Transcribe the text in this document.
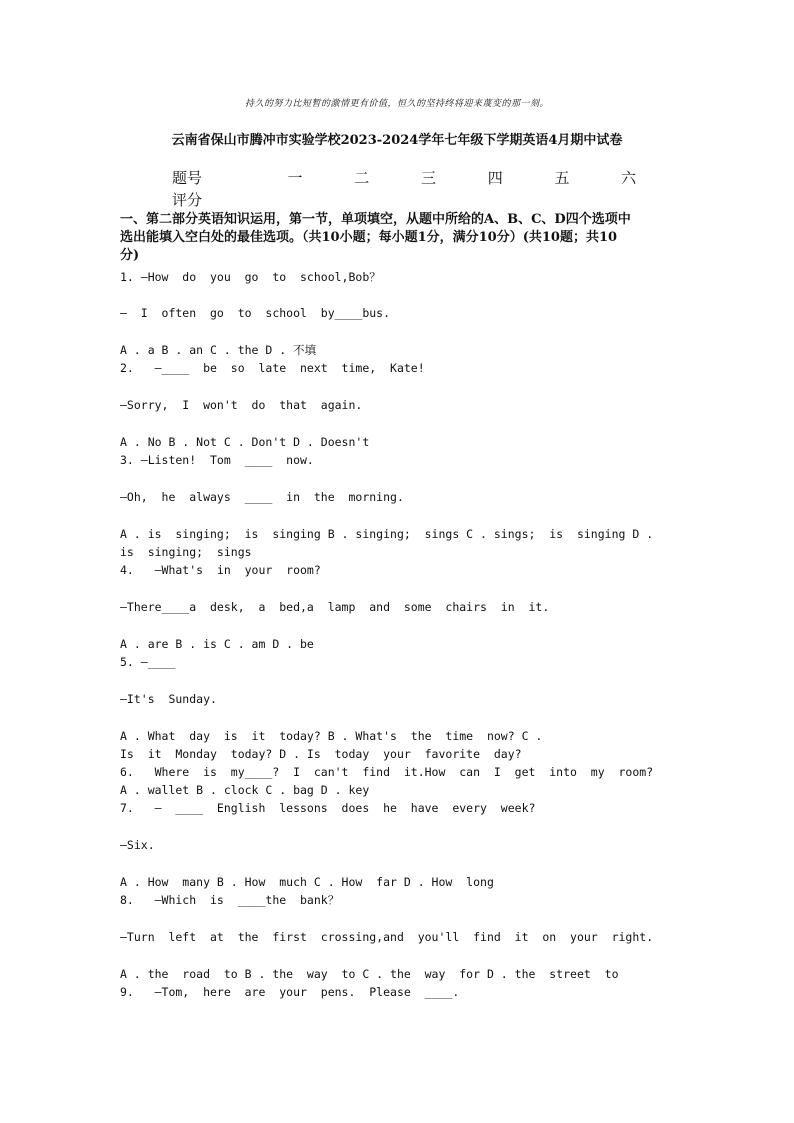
持久的努力比短暂的激情更有价值，恒久的坚持终将迎来蔑变的那一刻。
云南省保山市腾冲市实验学校2023-2024学年七年级下学期英语4月期中试卷
题号	一	二	三	四	五	六
评分
一、第二部分英语知识运用，第一节，单项填空，从题中所给的A、B、C、D四个选项中
选出能填入空白处的最佳选项。（共10小题；每小题1分，满分10分）(共10题；共10
分)
1. —How  do  you  go  to  school,Bob？
—  I  often  go  to  school  by____bus.
A . a B . an C . the D . 不填
2.   —____  be  so  late  next  time,  Kate!
—Sorry,  I  won't  do  that  again.
A . No B . Not C . Don't D . Doesn't
3. —Listen!  Tom  ____  now.
—Oh,  he  always  ____  in  the  morning.
A . is  singing;  is  singing B . singing;  sings C . sings;  is  singing D .
is  singing;  sings
4.   —What's  in  your  room?
—There____a  desk,  a  bed,a  lamp  and  some  chairs  in  it.
A . are B . is C . am D . be
5. —____
—It's  Sunday.
A . What  day  is  it  today? B . What's  the  time  now? C .
Is  it  Monday  today? D . Is  today  your  favorite  day?
6.   Where  is  my____?  I  can't  find  it.How  can  I  get  into  my  room?
A . wallet B . clock C . bag D . key
7.   —  ____  English  lessons  does  he  have  every  week?
—Six.
A . How  many B . How  much C . How  far D . How  long
8.   —Which  is  ____the  bank？
—Turn  left  at  the  first  crossing,and  you'll  find  it  on  your  right.
A . the  road  to B . the  way  to C . the  way  for D . the  street  to
9.   —Tom,  here  are  your  pens.  Please  ____.
